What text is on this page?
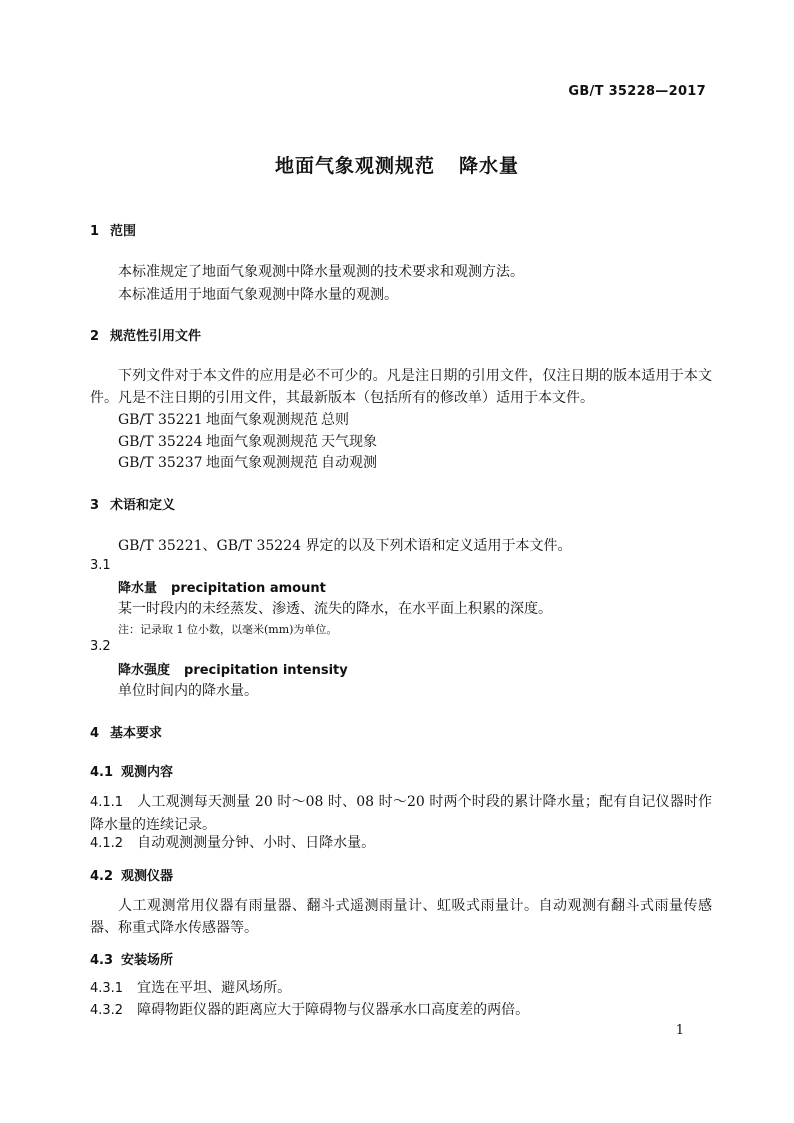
GB/T 35228—2017
地面气象观测规范 降水量
1 范围
本标准规定了地面气象观测中降水量观测的技术要求和观测方法。
本标准适用于地面气象观测中降水量的观测。
2 规范性引用文件
下列文件对于本文件的应用是必不可少的。凡是注日期的引用文件，仅注日期的版本适用于本文件。凡是不注日期的引用文件，其最新版本（包括所有的修改单）适用于本文件。
GB/T 35221 地面气象观测规范 总则
GB/T 35224 地面气象观测规范 天气现象
GB/T 35237 地面气象观测规范 自动观测
3 术语和定义
GB/T 35221、GB/T 35224 界定的以及下列术语和定义适用于本文件。
3.1
降水量 precipitation amount
某一时段内的未经蒸发、渗透、流失的降水，在水平面上积累的深度。
注：记录取 1 位小数，以毫米(mm)为单位。
3.2
降水强度 precipitation intensity
单位时间内的降水量。
4 基本要求
4.1 观测内容
4.1.1 人工观测每天测量 20 时～08 时、08 时～20 时两个时段的累计降水量；配有自记仪器时作降水量的连续记录。
4.1.2 自动观测测量分钟、小时、日降水量。
4.2 观测仪器
人工观测常用仪器有雨量器、翻斗式遥测雨量计、虹吸式雨量计。自动观测有翻斗式雨量传感器、称重式降水传感器等。
4.3 安装场所
4.3.1 宜选在平坦、避风场所。
4.3.2 障碍物距仪器的距离应大于障碍物与仪器承水口高度差的两倍。
1
